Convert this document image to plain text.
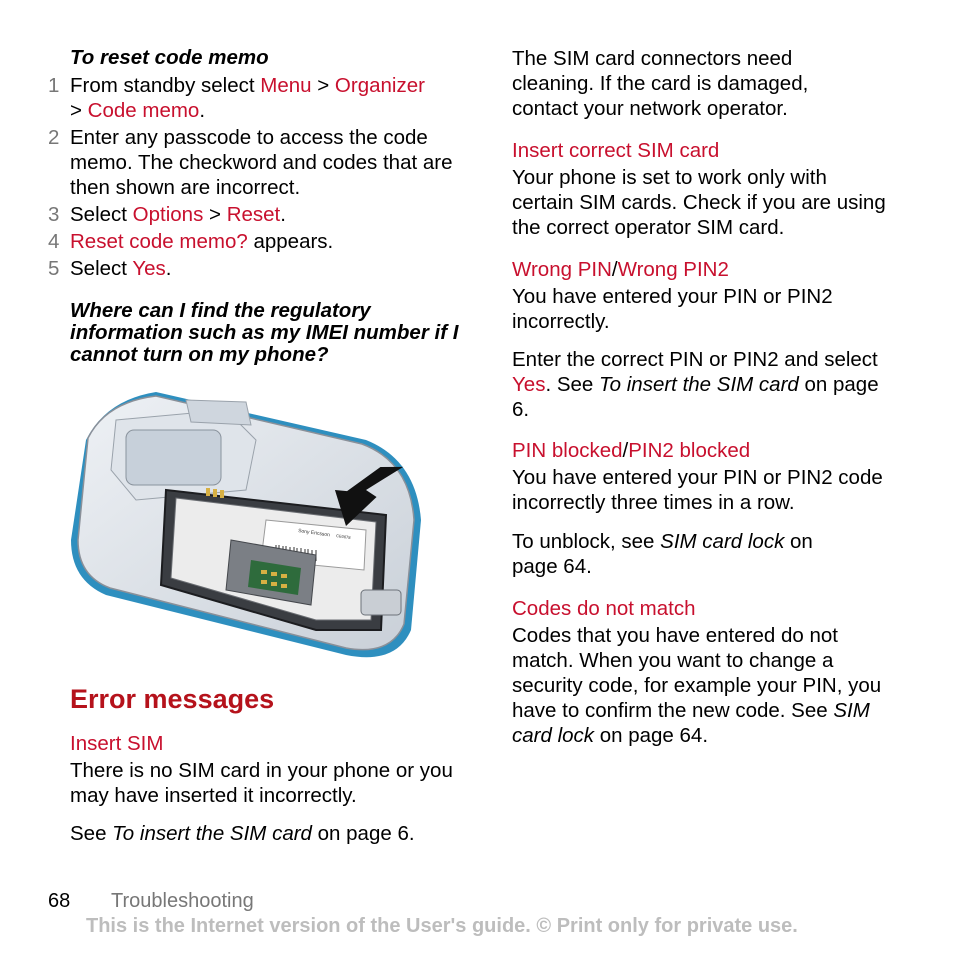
To reset code memo
1 From standby select Menu > Organizer
> Code memo.
2 Enter any passcode to access the code memo. The checkword and codes that are then shown are incorrect.
3 Select Options > Reset.
4 Reset code memo? appears.
5 Select Yes.
Where can I find the regulatory information such as my IMEI number if I cannot turn on my phone?
Sony Ericsson CE0678
Error messages
Insert SIM
There is no SIM card in your phone or you may have inserted it incorrectly.
See To insert the SIM card on page 6.
The SIM card connectors need cleaning. If the card is damaged, contact your network operator.
Insert correct SIM card
Your phone is set to work only with certain SIM cards. Check if you are using the correct operator SIM card.
Wrong PIN/Wrong PIN2
You have entered your PIN or PIN2 incorrectly.
Enter the correct PIN or PIN2 and select Yes. See To insert the SIM card on page 6.
PIN blocked/PIN2 blocked
You have entered your PIN or PIN2 code incorrectly three times in a row.
To unblock, see SIM card lock on page 64.
Codes do not match
Codes that you have entered do not match. When you want to change a security code, for example your PIN, you have to confirm the new code. See SIM card lock on page 64.
68 Troubleshooting
This is the Internet version of the User's guide. © Print only for private use.
